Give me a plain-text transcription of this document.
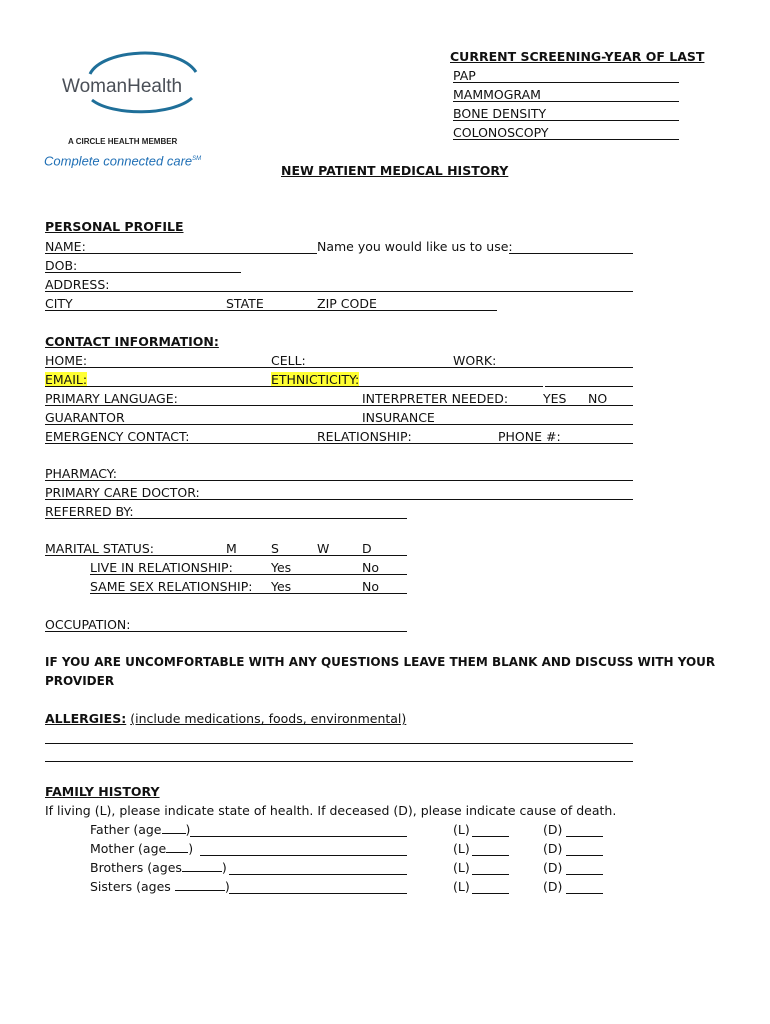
WomanHealth
A CIRCLE HEALTH MEMBER
Complete connected care℠
CURRENT SCREENING-YEAR OF LAST
PAP
MAMMOGRAM
BONE DENSITY
COLONOSCOPY
NEW PATIENT MEDICAL HISTORY
PERSONAL PROFILE
NAME:	Name you would like us to use:
DOB:
ADDRESS:
CITY	STATE	ZIP CODE
CONTACT INFORMATION:
HOME:	CELL:	WORK:
EMAIL:	ETHNICTICITY:
PRIMARY LANGUAGE:	INTERPRETER NEEDED:	YES NO
GUARANTOR	INSURANCE
EMERGENCY CONTACT:	RELATIONSHIP:	PHONE #:
PHARMACY:
PRIMARY CARE DOCTOR:
REFERRED BY:
MARITAL STATUS:	M	S	W	D
LIVE IN RELATIONSHIP:	Yes	No
SAME SEX RELATIONSHIP: Yes	No
OCCUPATION:
IF YOU ARE UNCOMFORTABLE WITH ANY QUESTIONS LEAVE THEM BLANK AND DISCUSS WITH YOUR
PROVIDER
ALLERGIES: (include medications, foods, environmental)
FAMILY HISTORY
If living (L), please indicate state of health. If deceased (D), please indicate cause of death.
Father (age )	(L)	(D)
Mother (age )	(L)	(D)
Brothers (ages	)	(L)	(D)
Sisters (ages	)	(L)	(D)
